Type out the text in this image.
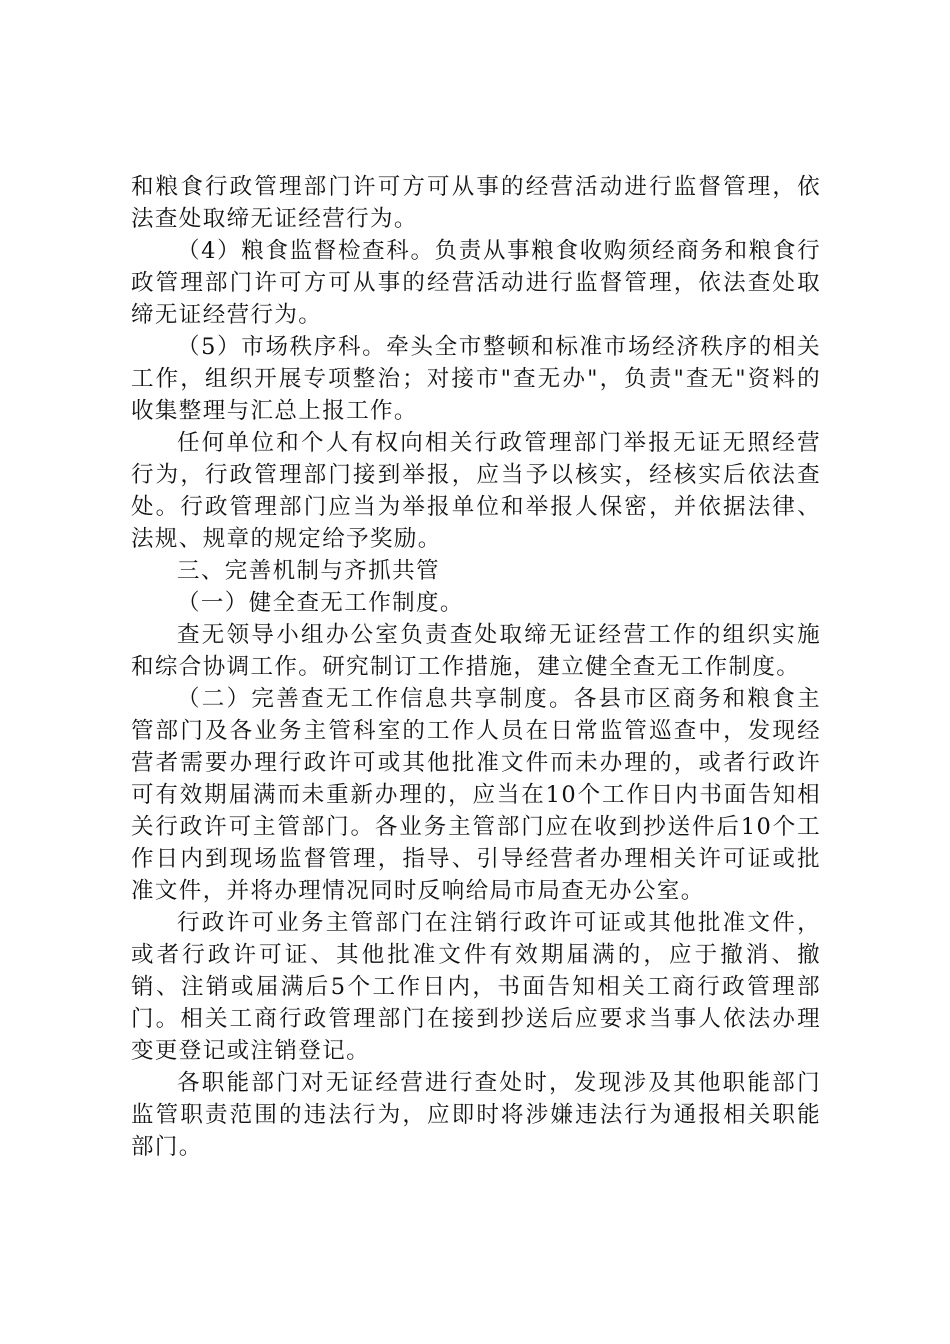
和粮食行政管理部门许可方可从事的经营活动进行监督管理，依法查处取缔无证经营行为。

（4）粮食监督检查科。负责从事粮食收购须经商务和粮食行政管理部门许可方可从事的经营活动进行监督管理，依法查处取缔无证经营行为。

（5）市场秩序科。牵头全市整顿和标准市场经济秩序的相关工作，组织开展专项整治；对接市"查无办"，负责"查无"资料的收集整理与汇总上报工作。

任何单位和个人有权向相关行政管理部门举报无证无照经营行为，行政管理部门接到举报，应当予以核实，经核实后依法查处。行政管理部门应当为举报单位和举报人保密，并依据法律、法规、规章的规定给予奖励。

三、完善机制与齐抓共管

（一）健全查无工作制度。

查无领导小组办公室负责查处取缔无证经营工作的组织实施和综合协调工作。研究制订工作措施，建立健全查无工作制度。

（二）完善查无工作信息共享制度。各县市区商务和粮食主管部门及各业务主管科室的工作人员在日常监管巡查中，发现经营者需要办理行政许可或其他批准文件而未办理的，或者行政许可有效期届满而未重新办理的，应当在10个工作日内书面告知相关行政许可主管部门。各业务主管部门应在收到抄送件后10个工作日内到现场监督管理，指导、引导经营者办理相关许可证或批准文件，并将办理情况同时反响给局市局查无办公室。

行政许可业务主管部门在注销行政许可证或其他批准文件，或者行政许可证、其他批准文件有效期届满的，应于撤消、撤销、注销或届满后5个工作日内，书面告知相关工商行政管理部门。相关工商行政管理部门在接到抄送后应要求当事人依法办理变更登记或注销登记。

各职能部门对无证经营进行查处时，发现涉及其他职能部门监管职责范围的违法行为，应即时将涉嫌违法行为通报相关职能部门。
